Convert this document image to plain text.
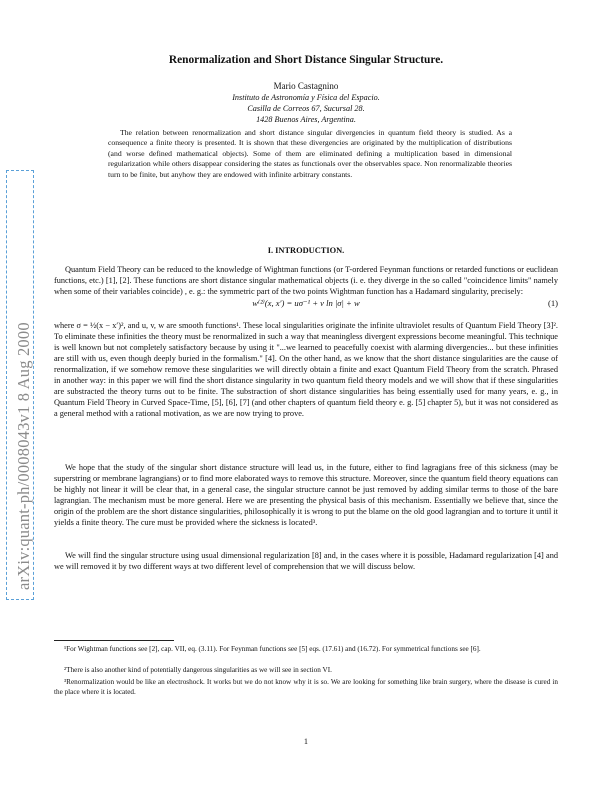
arXiv:quant-ph/0008043v1 8 Aug 2000
Renormalization and Short Distance Singular Structure.
Mario Castagnino
Instituto de Astronomía y Física del Espacio.
Casilla de Correos 67, Sucursal 28.
1428 Buenos Aires, Argentina.

The relation between renormalization and short distance singular divergencies in quantum field theory is studied. As a consequence a finite theory is presented. It is shown that these divergencies are originated by the multiplication of distributions (and worse defined mathematical objects). Some of them are eliminated defining a multiplication based in dimensional regularization while others disappear considering the states as functionals over the observables space. Non renormalizable theories turn to be finite, but anyhow they are endowed with infinite arbitrary constants.

I. INTRODUCTION.

Quantum Field Theory can be reduced to the knowledge of Wightman functions (or T-ordered Feynman functions or retarded functions or euclidean functions, etc.) [1], [2]. These functions are short distance singular mathematical objects (i. e. they diverge in the so called "coincidence limits" namely when some of their variables coincide) , e. g.: the symmetric part of the two points Wightman function has a Hadamard singularity, precisely:

w⁽²⁾(x, x′) = uσ⁻¹ + v ln |σ| + w	(1)

where σ = ½(x − x′)², and u, v, w are smooth functions¹. These local singularities originate the infinite ultraviolet results of Quantum Field Theory [3]². To eliminate these infinities the theory must be renormalized in such a way that meaningless divergent expressions become meaningful. This technique is well known but not completely satisfactory because by using it "...we learned to peacefully coexist with alarming divergencies... but these infinities are still with us, even though deeply buried in the formalism." [4]. On the other hand, as we know that the short distance singularities are the cause of renormalization, if we somehow remove these singularities we will directly obtain a finite and exact Quantum Field Theory from the scratch. Phrased in another way: in this paper we will find the short distance singularity in two quantum field theory models and we will show that if these singularities are substracted the theory turns out to be finite. The substraction of short distance singularities has being essentially used for many years, e. g., in Quantum Field Theory in Curved Space-Time, [5], [6], [7] (and other chapters of quantum field theory e. g. [5] chapter 5), but it was not considered as a general method with a rational motivation, as we are now trying to prove.

We hope that the study of the singular short distance structure will lead us, in the future, either to find lagragians free of this sickness (may be superstring or membrane lagrangians) or to find more elaborated ways to remove this structure. Moreover, since the quantum field theory equations can be highly not linear it will be clear that, in a general case, the singular structure cannot be just removed by adding similar terms to those of the bare lagrangian. The mechanism must be more general. Here we are presenting the physical basis of this mechanism. Essentially we believe that, since the origin of the problem are the short distance singularities, philosophically it is wrong to put the blame on the old good lagrangian and to torture it until it yields a finite theory. The cure must be provided where the sickness is located³.

We will find the singular structure using usual dimensional regularization [8] and, in the cases where it is possible, Hadamard regularization [4] and we will removed it by two different ways at two different level of comprehension that we will discuss below.

¹For Wightman functions see [2], cap. VII, eq. (3.11). For Feynman functions see [5] eqs. (17.61) and (16.72). For symmetrical functions see [6].

²There is also another kind of potentially dangerous singularities as we will see in section VI.

³Renormalization would be like an electroshock. It works but we do not know why it is so. We are looking for something like brain surgery, where the disease is cured in the place where it is located.

1
